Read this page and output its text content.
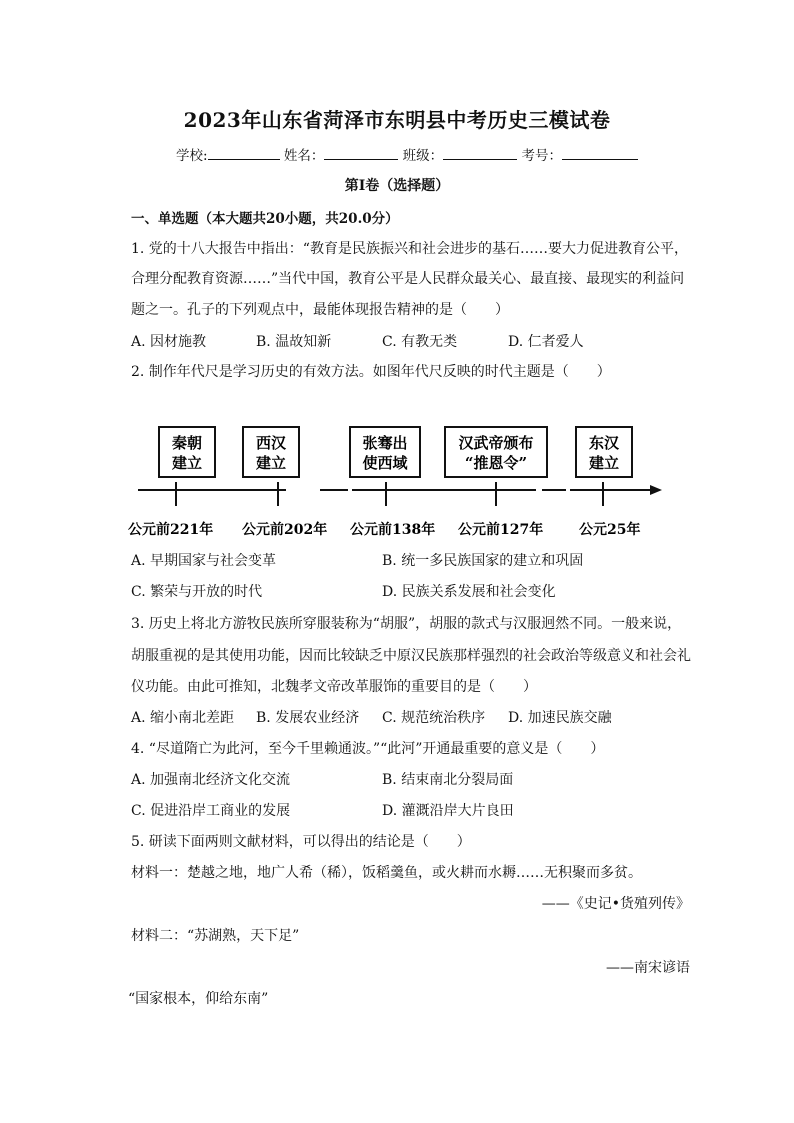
2023年山东省菏泽市东明县中考历史三模试卷
学校:	姓名：	班级：	考号：
第I卷（选择题）
一、单选题（本大题共20小题，共20.0分）
1. 党的十八大报告中指出：“教育是民族振兴和社会进步的基石……要大力促进教育公平，
合理分配教育资源……”当代中国，教育公平是人民群众最关心、最直接、最现实的利益问
题之一。孔子的下列观点中，最能体现报告精神的是（　　）
A. 因材施教	B. 温故知新	C. 有教无类	D. 仁者爱人
2. 制作年代尺是学习历史的有效方法。如图年代尺反映的时代主题是（　　）
秦朝
建立
公元前221年
西汉
建立
公元前202年
张骞出
使西域
公元前138年
汉武帝颁布
“推恩令”
公元前127年
东汉
建立
公元25年
A. 早期国家与社会变革	B. 统一多民族国家的建立和巩固
C. 繁荣与开放的时代	D. 民族关系发展和社会变化
3. 历史上将北方游牧民族所穿服装称为“胡服”，胡服的款式与汉服迥然不同。一般来说，
胡服重视的是其使用功能，因而比较缺乏中原汉民族那样强烈的社会政治等级意义和社会礼
仪功能。由此可推知，北魏孝文帝改革服饰的重要目的是（　　）
A. 缩小南北差距 B. 发展农业经济 C. 规范统治秩序 D. 加速民族交融
4. “尽道隋亡为此河，至今千里赖通波。”“此河”开通最重要的意义是（　　）
A. 加强南北经济文化交流	B. 结束南北分裂局面
C. 促进沿岸工商业的发展	D. 灌溉沿岸大片良田
5. 研读下面两则文献材料，可以得出的结论是（　　）
材料一：楚越之地，地广人希（稀），饭稻羹鱼，或火耕而水耨……无积聚而多贫。
——《史记•货殖列传》
材料二：“苏湖熟，天下足”
——南宋谚语
“国家根本，仰给东南”
